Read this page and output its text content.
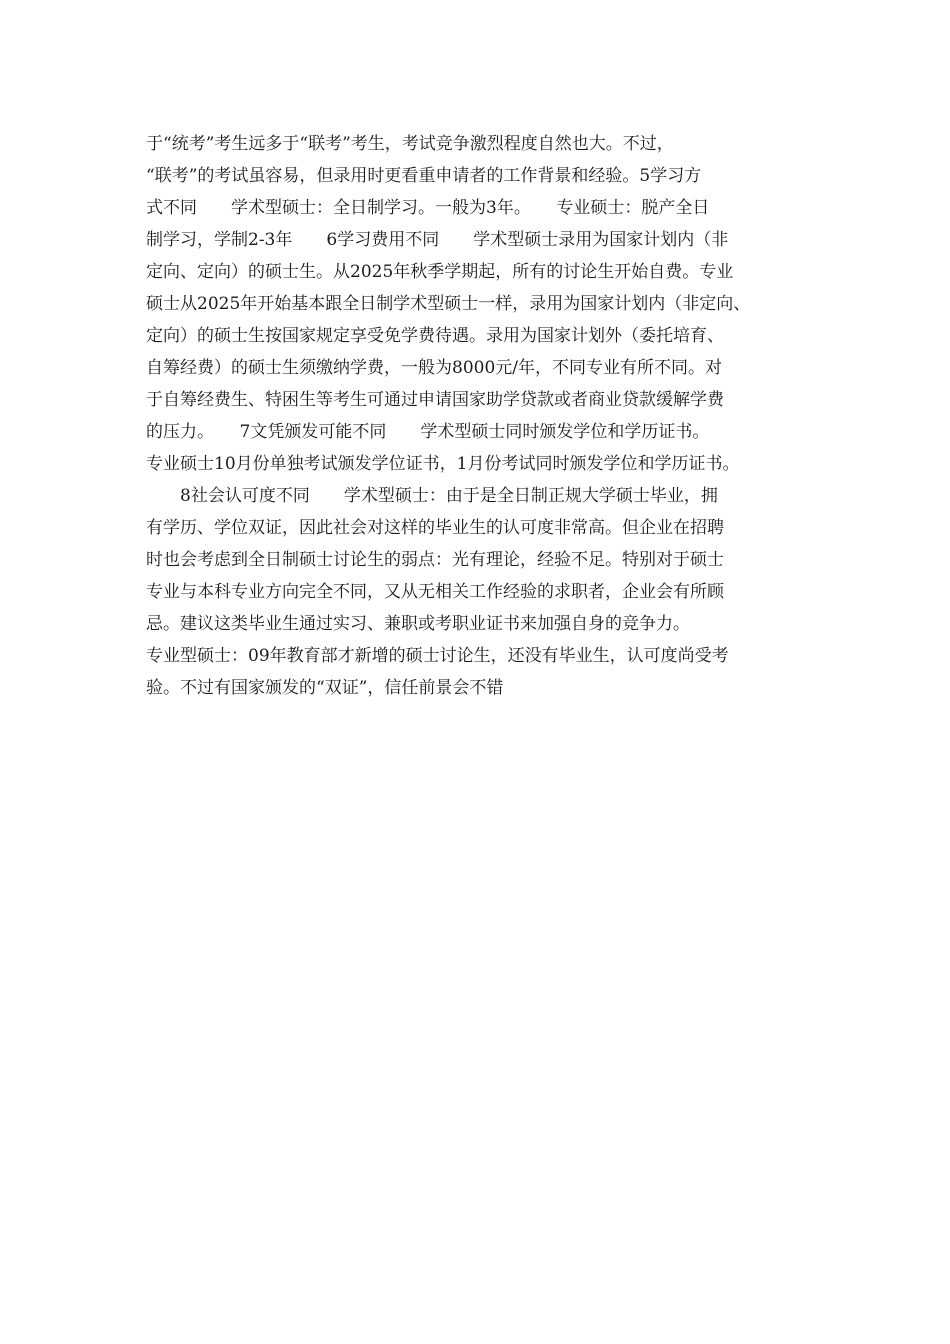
于“统考”考生远多于“联考”考生，考试竞争激烈程度自然也大。不过，
“联考”的考试虽容易，但录用时更看重申请者的工作背景和经验。5学习方
式不同　　学术型硕士：全日制学习。一般为3年。　　专业硕士：脱产全日
制学习，学制2-3年　　6学习费用不同　　学术型硕士录用为国家计划内（非
定向、定向）的硕士生。从2025年秋季学期起，所有的讨论生开始自费。专业
硕士从2025年开始基本跟全日制学术型硕士一样，录用为国家计划内（非定向、
定向）的硕士生按国家规定享受免学费待遇。录用为国家计划外（委托培育、
自筹经费）的硕士生须缴纳学费，一般为8000元/年，不同专业有所不同。对
于自筹经费生、特困生等考生可通过申请国家助学贷款或者商业贷款缓解学费
的压力。　　7文凭颁发可能不同　　学术型硕士同时颁发学位和学历证书。
专业硕士10月份单独考试颁发学位证书，1月份考试同时颁发学位和学历证书。
　　8社会认可度不同　　学术型硕士：由于是全日制正规大学硕士毕业，拥
有学历、学位双证，因此社会对这样的毕业生的认可度非常高。但企业在招聘
时也会考虑到全日制硕士讨论生的弱点：光有理论，经验不足。特别对于硕士
专业与本科专业方向完全不同，又从无相关工作经验的求职者，企业会有所顾
忌。建议这类毕业生通过实习、兼职或考职业证书来加强自身的竞争力。
专业型硕士：09年教育部才新增的硕士讨论生，还没有毕业生，认可度尚受考
验。不过有国家颁发的“双证”，信任前景会不错
